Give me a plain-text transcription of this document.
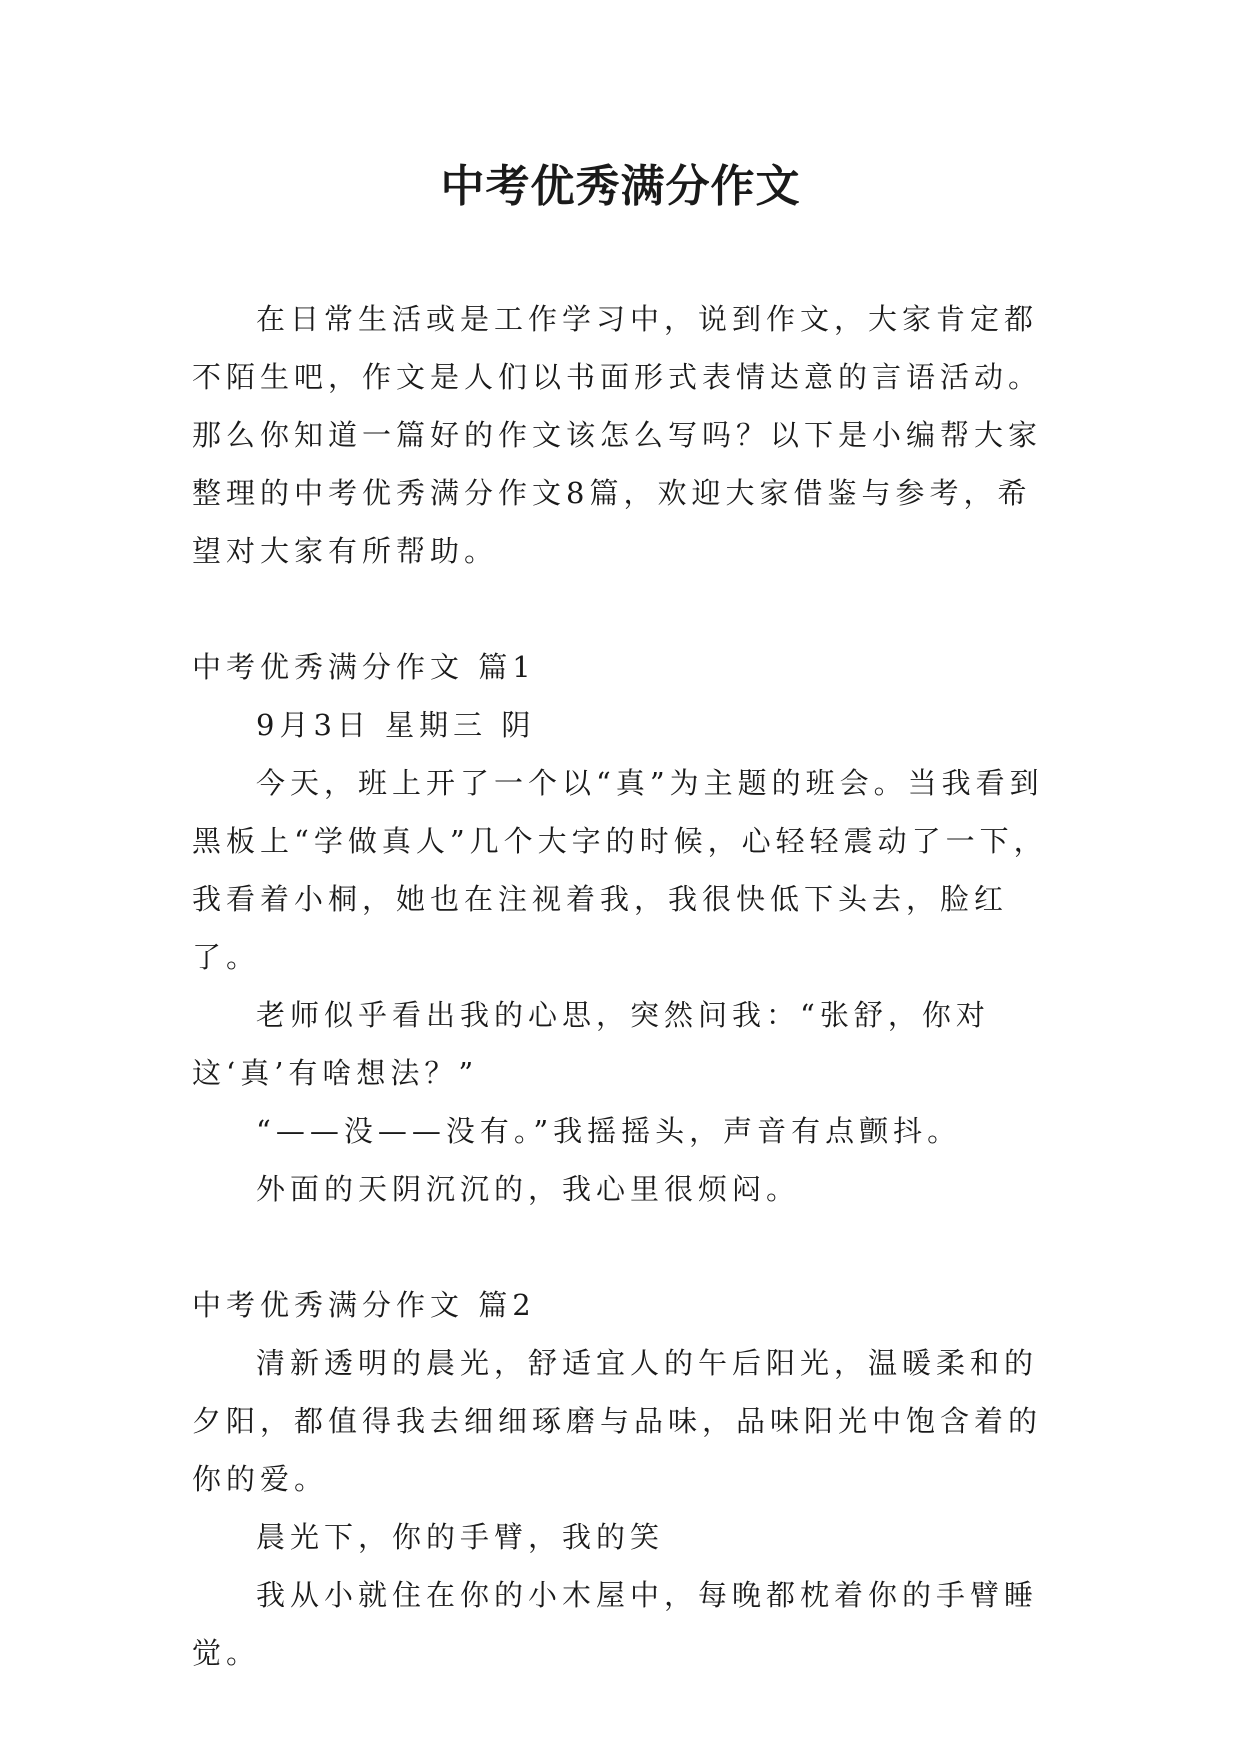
中考优秀满分作文

在日常生活或是工作学习中，说到作文，大家肯定都不陌生吧，作文是人们以书面形式表情达意的言语活动。那么你知道一篇好的作文该怎么写吗？以下是小编帮大家整理的中考优秀满分作文8篇，欢迎大家借鉴与参考，希望对大家有所帮助。

中考优秀满分作文 篇1

9月3日 星期三 阴

今天，班上开了一个以“真”为主题的班会。当我看到黑板上“学做真人”几个大字的时候，心轻轻震动了一下，我看着小桐，她也在注视着我，我很快低下头去，脸红了。

老师似乎看出我的心思，突然问我：“张舒，你对这‘真’有啥想法？”

“——没——没有。”我摇摇头，声音有点颤抖。

外面的天阴沉沉的，我心里很烦闷。

中考优秀满分作文 篇2

清新透明的晨光，舒适宜人的午后阳光，温暖柔和的夕阳，都值得我去细细琢磨与品味，品味阳光中饱含着的你的爱。

晨光下，你的手臂，我的笑

我从小就住在你的小木屋中，每晚都枕着你的手臂睡觉。
